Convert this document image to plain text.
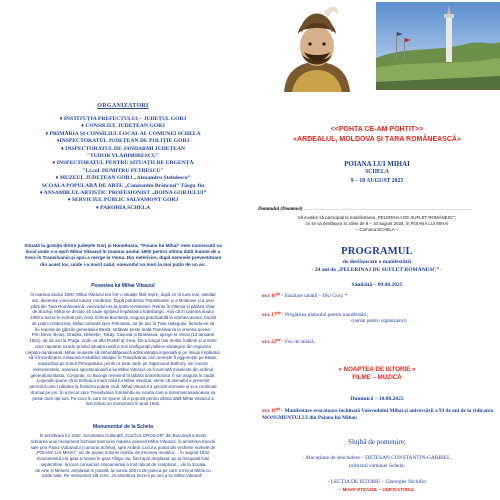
ORGANIZATORI
♦ INSTITUȚIA PREFECTULUI – JUDEȚUL GORJ
♦ CONSILIUL JUDEȚEAN GORJ
♦ PRIMĂRIA ȘI CONSILIUL LOCAL AL COMUNEI SCHELA
♦INSPECTORATUL JUDEȚEAN DE POLIȚIE GORJ
♦ INSPECTORATUL DE JANDARMI JUDEȚEAN
"TUDOR VLADIMIRESCU"
♦ INSPECTORATUL PENTRU SITUAȚII DE URGENȚĂ
"Lt.col. DUMITRU PETRESCU"
♦ MUZEUL JUDEȚEAN GORJ „Alexandru Ștefulescu”
SCOALA POPULARĂ DE ARTE „Constantin Brâncuși” Târgu Jiu
♦ ANSAMBLUL ARTISTIC PROFESIONIST „DOINA GORJULUI”
♦ SERVICIUL PUBLIC SALVAMONT GORJ
♦ PAROHIA SCHELA
Situată la granița dintre județele Gorj și Hunedoara, "Poiana lui Mihai" este cunoscută ca
locul unde s-a oprit Mihai Viteazul în toamna anului 1600 pentru ultima dată înainte de a
trece în Transilvania și apoi a merge la Viena. Din nefericire, după semnele prevestitoare
din acest loc, unde i-a murit calul, voievodul va muri la mai puțin de un an.
Povestea lui Mihai Viteazul
În toamna anului 1600, Mihai Viteazul era într-o situație fără ieșire, după ce în luna mai, asediat
am, devenise voievodul tuturor românilor. După pierderea Transilvaniei și a Moldovei și a unei
părți din Țara Românească, voievodul era la limita rezistenței. Retras în Oltenia și părăsit chiar
de Bucegi, Mihai se decide să caute sprijinul împăratului habsburgic. Așa că în toamna anului
1600 a trecut în Ardeal prin zona Schela-Bumbești, singura practicabilă la vremea aceea. Înșoțit
de puțini credincioși, Mihai coboară spre Petroșani, iar de aici în Țara Hațegului, ferindu-se să
fie reperat de gărzile generalului Basta, străbate peste toată Transilvania la vremea aceea:
Prin Deva, Beiuș, Oradea, Debrețin, Tokay, Cașovia și Bratislava, ajunge la Viena (12 ianuarie
1601), iar de aici la Praga, unde va afla Rudolf al II-lea. De-a lungul mai multor întâlniri și urmare
unor rapoarte exacte privind situația reală a noii configurații politice-strategice din regiunea
carpato-dunăreană, Mihai reușește să îmbunătățească administrația imperială și pe însuși Împăratul,
să îi încredințeze misiunea restabilirii situației în Transilvania. Aici remește îl oggonește pe Baste,
readucând pe tronul Principatului, pentru a treia oară, pe Sigismund Bathory. Se cunosc
evenimentele, reveniea spectaculoasă a lui Mihai Viteazul va fi curmată mișelește din ordinul
generalului Basta. Conjurați, cu Bucegii revenind în tabăra dominitorului, îl vor asigura în zadar.
Legenda spune că la Schela a murit calul lui Mihai Viteazul, semn că animalul a prevestit
pericolul care-i pândea la frontiera poarta mult. Mihai Viteazul a ignorat semnele și și-a continuat
drumul pe jos. Și a trecut spre Transilvania întrunindu-se soarta care a însemnat asasinarea sa
peste doar opt luni. Pe locul în care se spune că a poposit pentru ultima dată Mihai Viteazul a
fost ridicat un monument în anul 1932.
Monumentul de la Schela
În primăvara lui 1932, Societatea Culturală „CULTUL EROILOR” din București a trimis
ridicarea unui monument închinat memoriei marelui voievod Mihai Viteazul, în amintirea trecerii
sale prin Pasul Vulcanului (comuna Schela), spre Ardeal. Locul a purtat din vechime numele de
„POIANA LUI MIHAI”, loc de popas notoriei marilor de trecerea munților ... În august 1932,
monumentul era gata și sosea în gara Târgu-Jiu, fiind apoi amplasat, pe la începutul lunii
septembrie, la locul consacrat. Monumentul a fost ridicat de sculptorul... de la Școala
de Arte și Meserii, amplasat în poiană, la numai 200 m de poteca pe care a trecut Mihai cu
oștile sale. Pe monument stă scris: „În amintirea trecerii pe aici a lui Mihai Viteazul”.
<<POHTA CE-AM POHTIT>>
«ARDEALUL, MOLDOVA ȘI ȚARA ROMÂNEASCĂ»
POIANA LUI MIHAI
SCHELA
9 – 10 AUGUST 2025
Domnului (Doamnei) ................................................................................................
Vă invităm să participați la manifestarea „PELERINAJ DE SUFLET ROMÂNESC”,
ce se va desfășura în zilele de 9 – 10 august 2025, în POIANA LUI MIHAI
– Comuna SCHELA –
PROGRAMUL
de desfășurare a manifestării
- 24 ani de „PELERINAJ DE SUFLET ROMÂNESC” -
Sâmbătă – 09.08.2025
ora 11⁰⁰ - Instalare tabără – ISU Gorj; *
ora 17⁰⁰ - Pregătirea platoului pentru manifestări;
(numai pentru organizatori)
ora 22⁰⁰ - Foc de tabără;
« NOAPTEA DE ISTORIE »
FILME – MUZICĂ
Duminică – 10.08.2025
ora 11⁰⁰ - Manifestare evocatoare închinată Voievodului Mihai și aniversării a 93 de ani de la ridicarea MONUMENTULUI din Poiana lui Mihai;
Slujbă de pomenire;
- Alocuțiune de deschidere – DETESAN CONSTANTIN-GABRIEL,
primarul comunei Schela;
- LECȚIA DE ISTORIE – Gheorghe Nichifor
– MIHAI VITEAZUL – UNIFICATORUL
